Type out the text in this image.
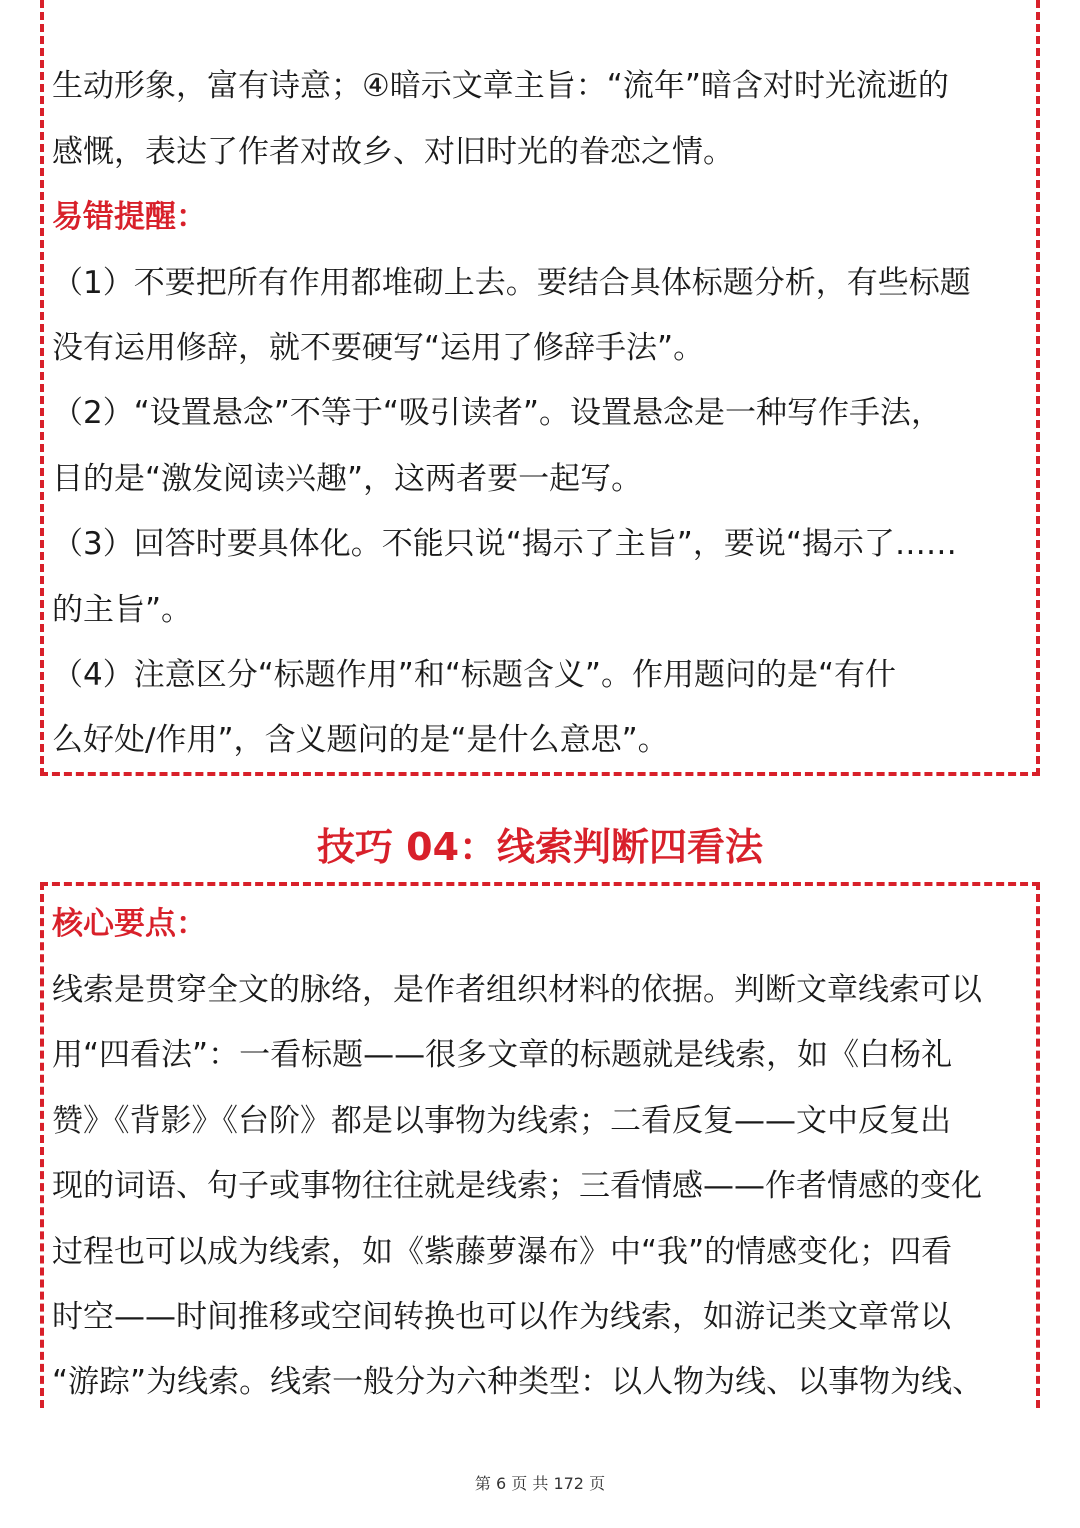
生动形象，富有诗意；④暗示文章主旨：“流年”暗含对时光流逝的
感慨，表达了作者对故乡、对旧时光的眷恋之情。
易错提醒：
（1）不要把所有作用都堆砌上去。要结合具体标题分析，有些标题
没有运用修辞，就不要硬写“运用了修辞手法”。
（2）“设置悬念”不等于“吸引读者”。设置悬念是一种写作手法，
目的是“激发阅读兴趣”，这两者要一起写。
（3）回答时要具体化。不能只说“揭示了主旨”，要说“揭示了……
的主旨”。
（4）注意区分“标题作用”和“标题含义”。作用题问的是“有什
么好处/作用”，含义题问的是“是什么意思”。
技巧 04：线索判断四看法
核心要点：
线索是贯穿全文的脉络，是作者组织材料的依据。判断文章线索可以
用“四看法”：一看标题——很多文章的标题就是线索，如《白杨礼
赞》《背影》《台阶》都是以事物为线索；二看反复——文中反复出
现的词语、句子或事物往往就是线索；三看情感——作者情感的变化
过程也可以成为线索，如《紫藤萝瀑布》中“我”的情感变化；四看
时空——时间推移或空间转换也可以作为线索，如游记类文章常以
“游踪”为线索。线索一般分为六种类型：以人物为线、以事物为线、
第 6 页 共 172 页
